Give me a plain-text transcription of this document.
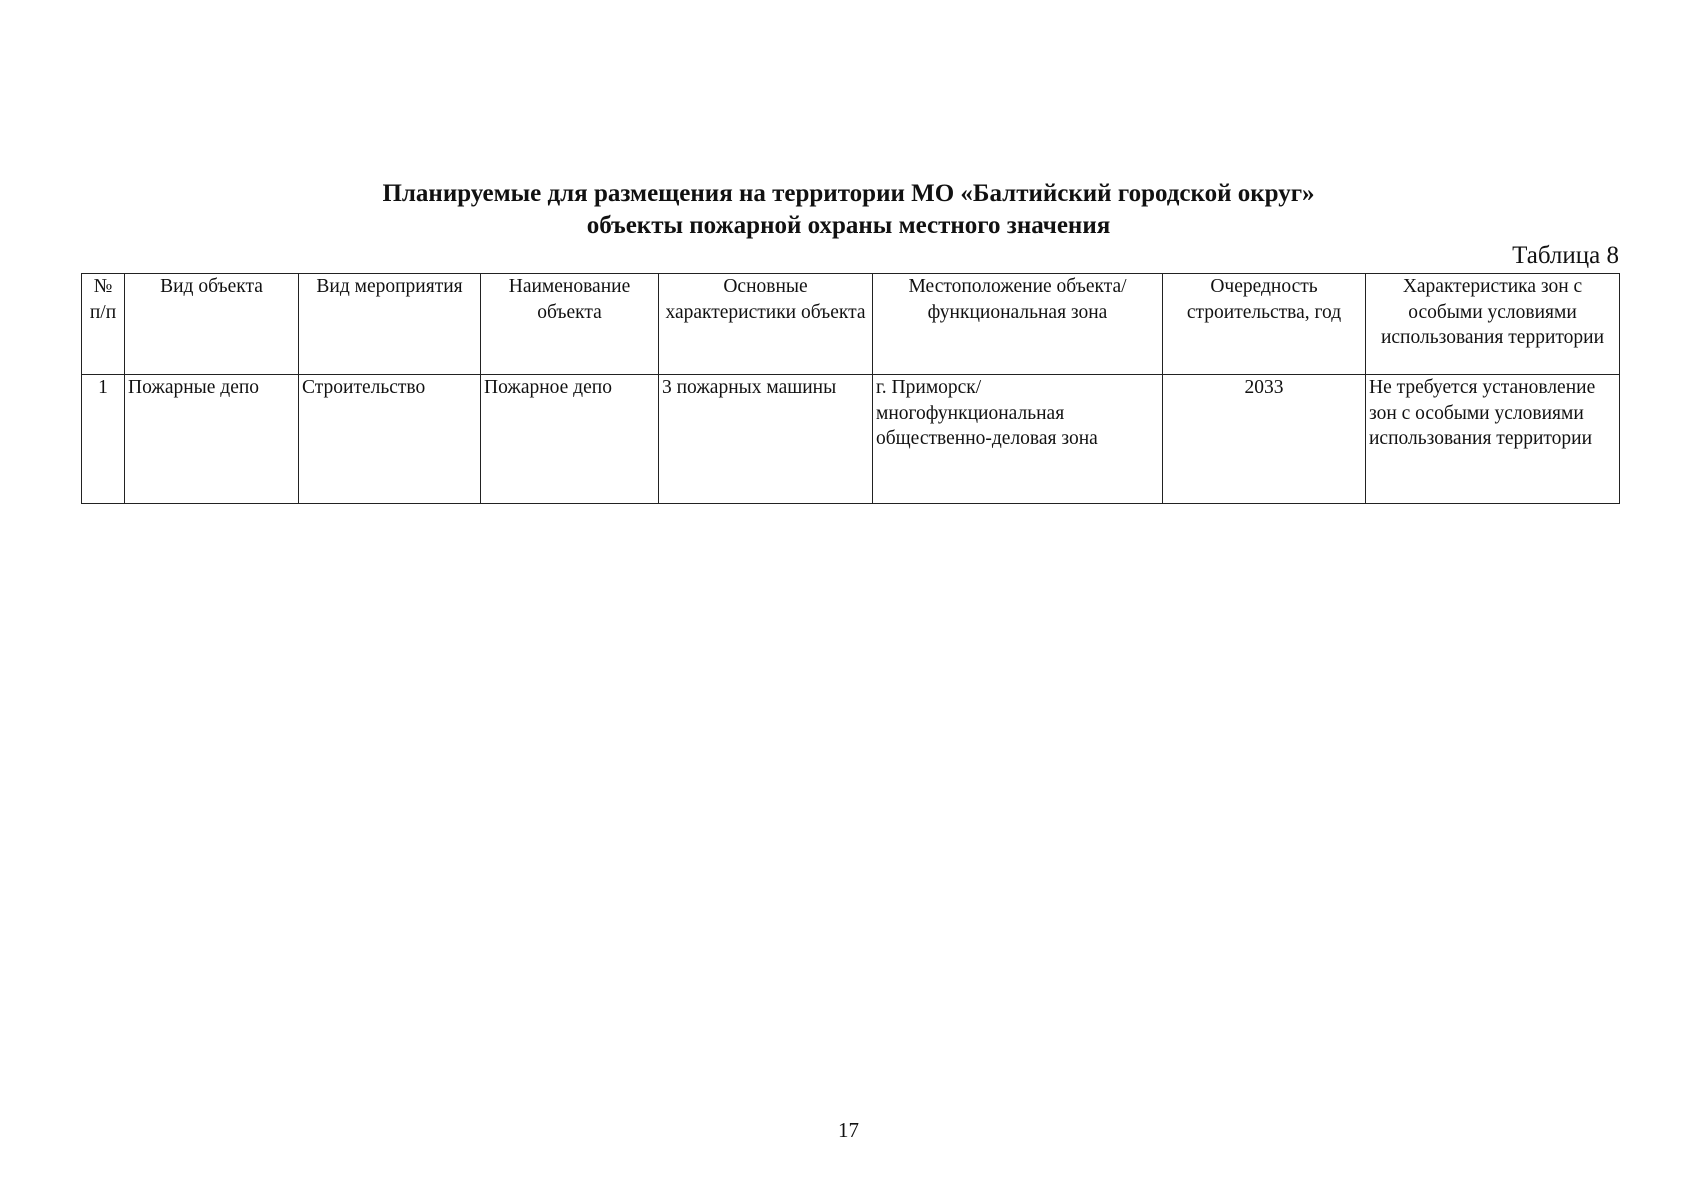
Планируемые для размещения на территории МО «Балтийский городской округ»
объекты пожарной охраны местного значения
Таблица 8
№ п/п	Вид объекта	Вид мероприятия	Наименование объекта	Основные характеристики объекта	Местоположение объекта/ функциональная зона	Очередность строительства, год	Характеристика зон с особыми условиями использования территории
1	Пожарные депо	Строительство	Пожарное депо	3 пожарных машины	г. Приморск/ многофункциональная общественно-деловая зона	2033	Не требуется установление зон с особыми условиями использования территории
17
